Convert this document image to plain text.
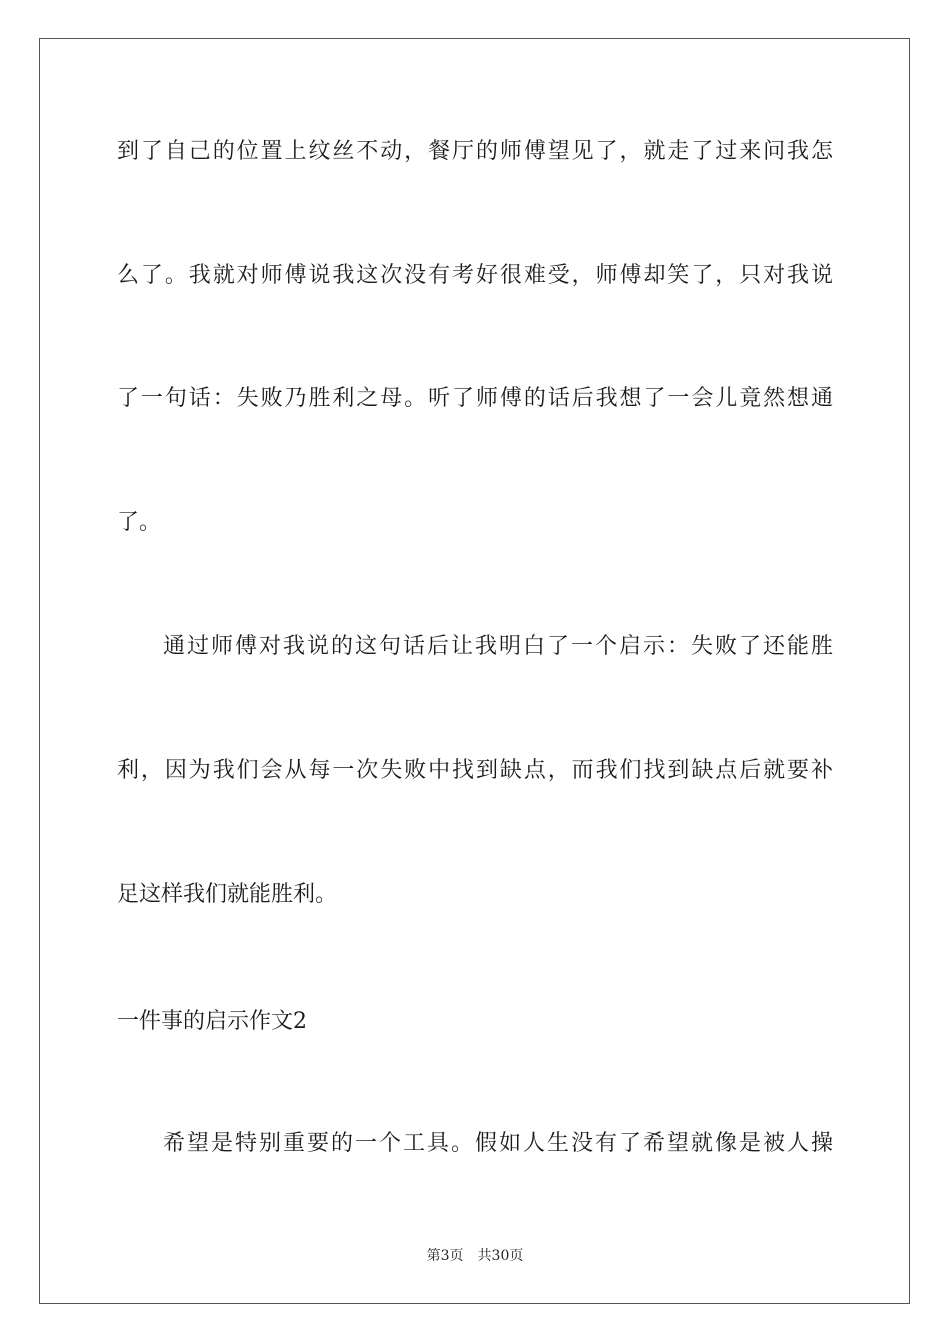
到了自己的位置上纹丝不动，餐厅的师傅望见了，就走了过来问我怎
么了。我就对师傅说我这次没有考好很难受，师傅却笑了，只对我说
了一句话：失败乃胜利之母。听了师傅的话后我想了一会儿竟然想通
了。
通过师傅对我说的这句话后让我明白了一个启示：失败了还能胜
利，因为我们会从每一次失败中找到缺点，而我们找到缺点后就要补
足这样我们就能胜利。
一件事的启示作文2
希望是特别重要的一个工具。假如人生没有了希望就像是被人操
第3页 共30页
